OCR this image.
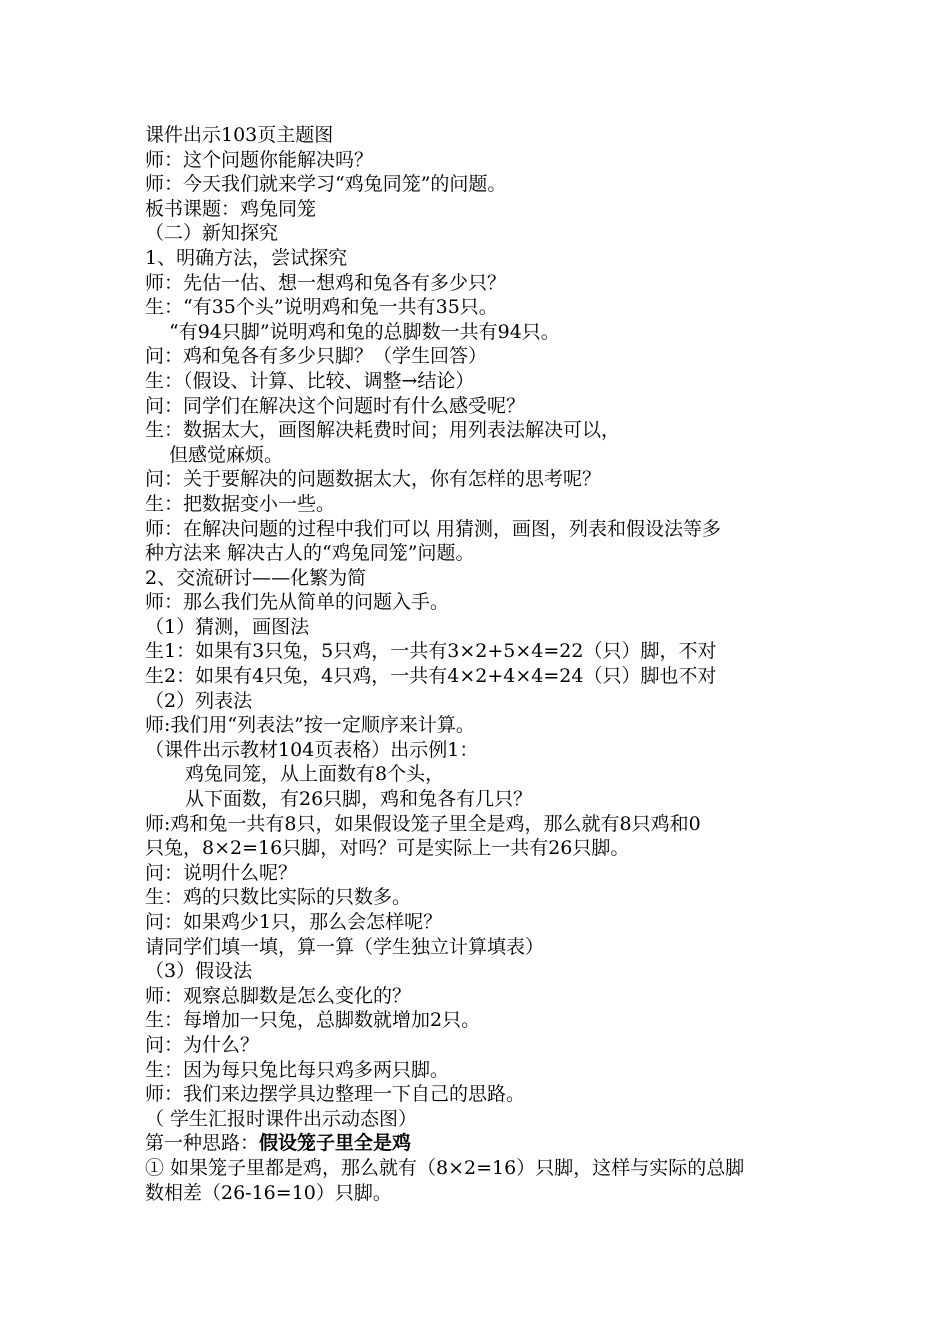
课件出示103页主题图
师：这个问题你能解决吗？
师：今天我们就来学习“鸡兔同笼”的问题。
板书课题：鸡兔同笼
（二）新知探究
1、明确方法，尝试探究
师：先估一估、想一想鸡和兔各有多少只？
生：“有35个头”说明鸡和兔一共有35只。
“有94只脚”说明鸡和兔的总脚数一共有94只。
问：鸡和兔各有多少只脚？（学生回答）
生：（假设、计算、比较、调整→结论）
问：同学们在解决这个问题时有什么感受呢？
生：数据太大，画图解决耗费时间；用列表法解决可以，
但感觉麻烦。
问：关于要解决的问题数据太大，你有怎样的思考呢？
生：把数据变小一些。
师：在解决问题的过程中我们可以 用猜测，画图，列表和假设法等多
种方法来 解决古人的“鸡兔同笼”问题。
2、交流研讨——化繁为简
师：那么我们先从简单的问题入手。
（1）猜测，画图法
生1：如果有3只兔，5只鸡，一共有3×2+5×4=22（只）脚，不对
生2：如果有4只兔，4只鸡，一共有4×2+4×4=24（只）脚也不对
（2）列表法
师:我们用“列表法”按一定顺序来计算。
（课件出示教材104页表格）出示例1：
鸡兔同笼，从上面数有8个头，
从下面数，有26只脚，鸡和兔各有几只？
师:鸡和兔一共有8只，如果假设笼子里全是鸡，那么就有8只鸡和0
只兔，8×2=16只脚，对吗？可是实际上一共有26只脚。
问：说明什么呢？
生：鸡的只数比实际的只数多。
问：如果鸡少1只，那么会怎样呢？
请同学们填一填，算一算（学生独立计算填表）
（3）假设法
师：观察总脚数是怎么变化的？
生：每增加一只兔，总脚数就增加2只。
问：为什么？
生：因为每只兔比每只鸡多两只脚。
师：我们来边摆学具边整理一下自己的思路。
（ 学生汇报时课件出示动态图）
第一种思路：假设笼子里全是鸡
① 如果笼子里都是鸡，那么就有（8×2=16）只脚，这样与实际的总脚
数相差（26-16=10）只脚。
